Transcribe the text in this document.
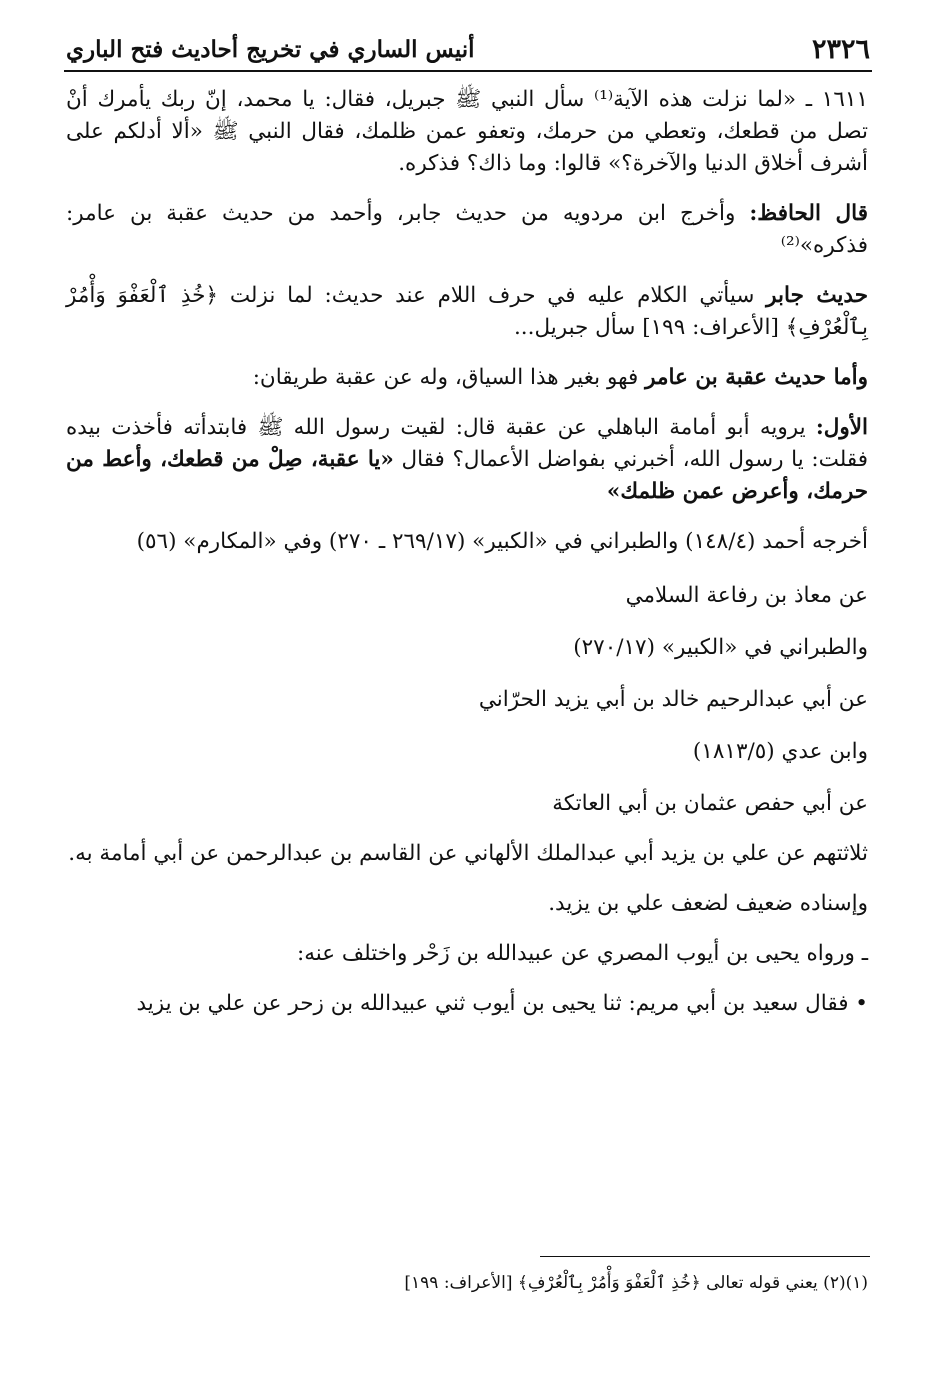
٢٣٢٦
أنيس الساري في تخريج أحاديث فتح الباري

١٦١١ ـ «لما نزلت هذه الآية⁽¹⁾ سأل النبي ﷺ جبريل، فقال: يا محمد، إنّ ربك يأمرك أنْ تصل من قطعك، وتعطي من حرمك، وتعفو عمن ظلمك، فقال النبي ﷺ «ألا أدلكم على أشرف أخلاق الدنيا والآخرة؟» قالوا: وما ذاك؟ فذكره.

قال الحافظ: وأخرج ابن مردويه من حديث جابر، وأحمد من حديث عقبة بن عامر: فذكره»⁽²⁾

حديث جابر سيأتي الكلام عليه في حرف اللام عند حديث: لما نزلت ﴿خُذِ ٱلْعَفْوَ وَأْمُرْ بِٱلْعُرْفِ﴾ [الأعراف: ١٩٩] سأل جبريل...

وأما حديث عقبة بن عامر فهو بغير هذا السياق، وله عن عقبة طريقان:

الأول: يرويه أبو أمامة الباهلي عن عقبة قال: لقيت رسول الله ﷺ فابتدأته فأخذت بيده فقلت: يا رسول الله، أخبرني بفواضل الأعمال؟ فقال «يا عقبة، صِلْ من قطعك، وأعط من حرمك، وأعرض عمن ظلمك»

أخرجه أحمد (١٤٨/٤) والطبراني في «الكبير» (٢٦٩/١٧ ـ ٢٧٠) وفي «المكارم» (٥٦)

عن معاذ بن رفاعة السلامي

والطبراني في «الكبير» (٢٧٠/١٧)

عن أبي عبدالرحيم خالد بن أبي يزيد الحرّاني

وابن عدي (١٨١٣/٥)

عن أبي حفص عثمان بن أبي العاتكة

ثلاثتهم عن علي بن يزيد أبي عبدالملك الألهاني عن القاسم بن عبدالرحمن عن أبي أمامة به.

وإسناده ضعيف لضعف علي بن يزيد.

ـ ورواه يحيى بن أيوب المصري عن عبيدالله بن زَحْر واختلف عنه:

• فقال سعيد بن أبي مريم: ثنا يحيى بن أيوب ثني عبيدالله بن زحر عن علي بن يزيد

(١)(٢) يعني قوله تعالى ﴿خُذِ ٱلْعَفْوَ وَأْمُرْ بِٱلْعُرْفِ﴾ [الأعراف: ١٩٩]
